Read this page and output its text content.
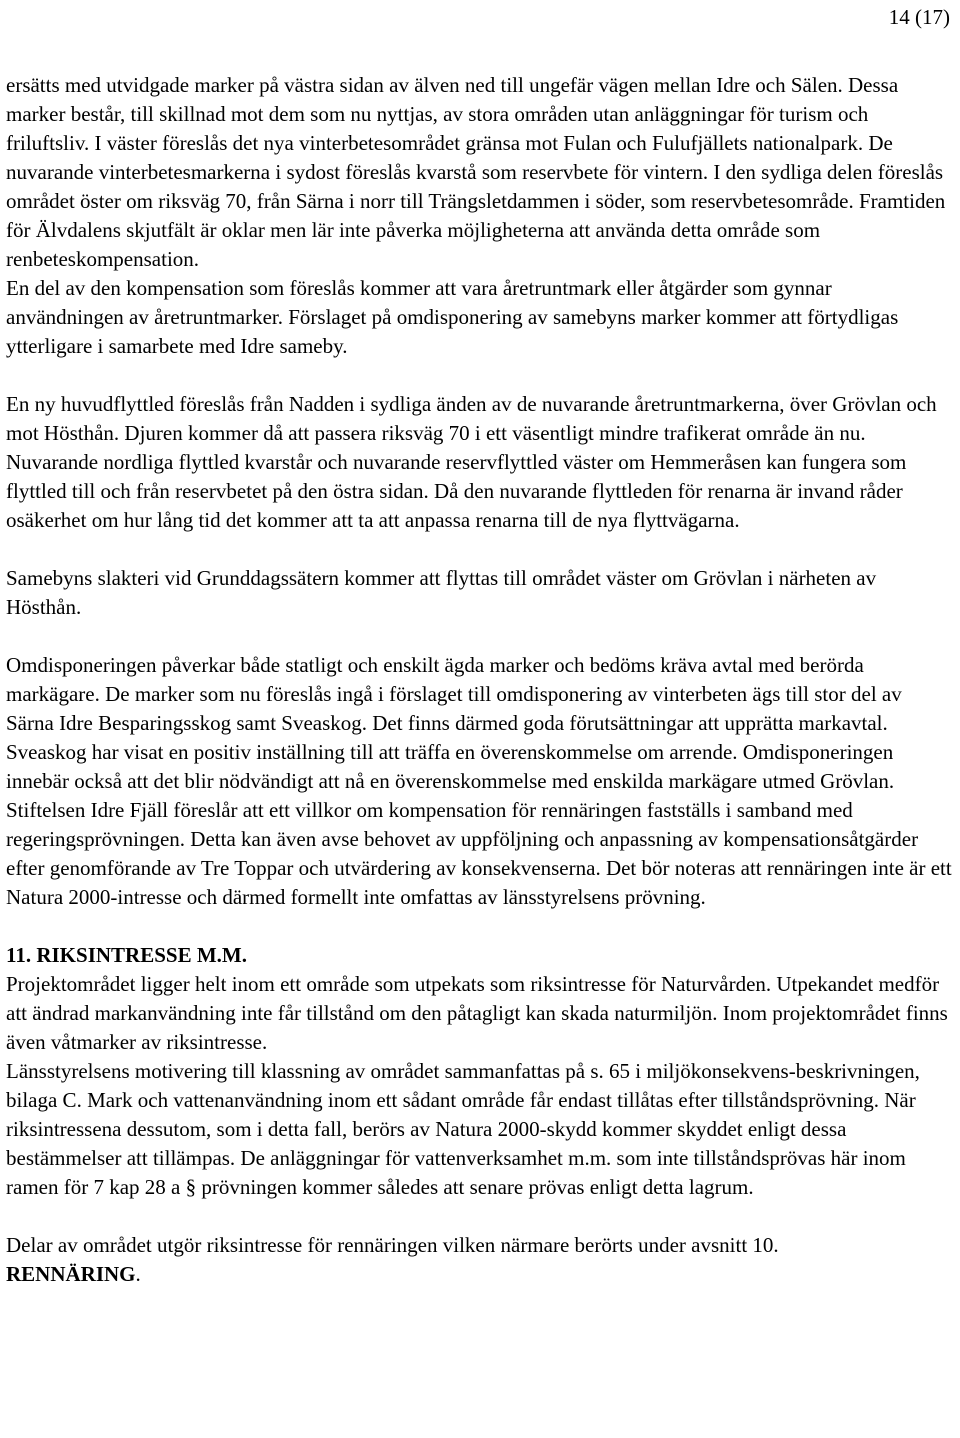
14 (17)

ersätts med utvidgade marker på västra sidan av älven ned till ungefär vägen mellan Idre och Sälen. Dessa marker består, till skillnad mot dem som nu nyttjas, av stora områden utan anläggningar för turism och friluftsliv. I väster föreslås det nya vinterbetesområdet gränsa mot Fulan och Fulufjällets nationalpark. De nuvarande vinterbetesmarkerna i sydost föreslås kvarstå som reservbete för vintern. I den sydliga delen föreslås området öster om riksväg 70, från Särna i norr till Trängsletdammen i söder, som reservbetesområde. Framtiden för Älvdalens skjutfält är oklar men lär inte påverka möjligheterna att använda detta område som renbeteskompensation.

En del av den kompensation som föreslås kommer att vara åretruntmark eller åtgärder som gynnar användningen av åretruntmarker. Förslaget på omdisponering av samebyns marker kommer att förtydligas ytterligare i samarbete med Idre sameby.

En ny huvudflyttled föreslås från Nadden i sydliga änden av de nuvarande åretruntmarkerna, över Grövlan och mot Hösthån. Djuren kommer då att passera riksväg 70 i ett väsentligt mindre trafikerat område än nu. Nuvarande nordliga flyttled kvarstår och nuvarande reservflyttled väster om Hemmeråsen kan fungera som flyttled till och från reservbetet på den östra sidan. Då den nuvarande flyttleden för renarna är invand råder osäkerhet om hur lång tid det kommer att ta att anpassa renarna till de nya flyttvägarna.

Samebyns slakteri vid Grunddagssätern kommer att flyttas till området väster om Grövlan i närheten av Hösthån.

Omdisponeringen påverkar både statligt och enskilt ägda marker och bedöms kräva avtal med berörda markägare. De marker som nu föreslås ingå i förslaget till omdisponering av vinterbeten ägs till stor del av Särna Idre Besparingsskog samt Sveaskog. Det finns därmed goda förutsättningar att upprätta markavtal. Sveaskog har visat en positiv inställning till att träffa en överenskommelse om arrende. Omdisponeringen innebär också att det blir nödvändigt att nå en överenskommelse med enskilda markägare utmed Grövlan. Stiftelsen Idre Fjäll föreslår att ett villkor om kompensation för rennäringen fastställs i samband med regeringsprövningen. Detta kan även avse behovet av uppföljning och anpassning av kompensationsåtgärder efter genomförande av Tre Toppar och utvärdering av konsekvenserna. Det bör noteras att rennäringen inte är ett Natura 2000-intresse och därmed formellt inte omfattas av länsstyrelsens prövning.

11. RIKSINTRESSE M.M.

Projektområdet ligger helt inom ett område som utpekats som riksintresse för Naturvården. Utpekandet medför att ändrad markanvändning inte får tillstånd om den påtagligt kan skada naturmiljön. Inom projektområdet finns även våtmarker av riksintresse.

Länsstyrelsens motivering till klassning av området sammanfattas på s. 65 i miljökonsekvens-beskrivningen, bilaga C. Mark och vattenanvändning inom ett sådant område får endast tillåtas efter tillståndsprövning. När riksintressena dessutom, som i detta fall, berörs av Natura 2000-skydd kommer skyddet enligt dessa bestämmelser att tillämpas. De anläggningar för vattenverksamhet m.m. som inte tillståndsprövas här inom ramen för 7 kap 28 a § prövningen kommer således att senare prövas enligt detta lagrum.

Delar av området utgör riksintresse för rennäringen vilken närmare berörts under avsnitt 10.
RENNÄRING.
